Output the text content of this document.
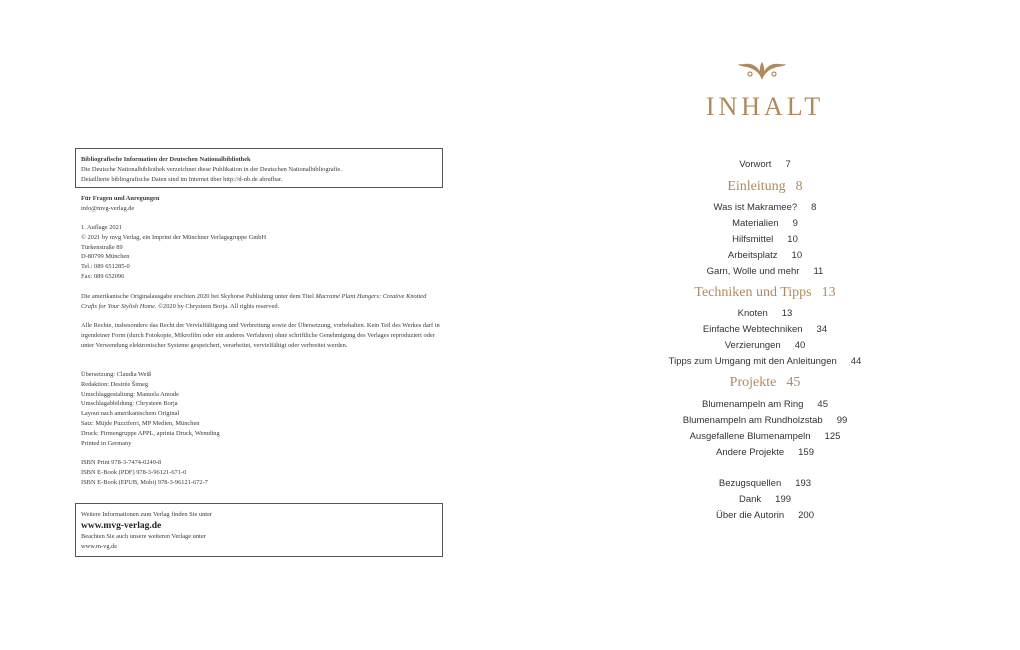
Bibliografische Information der Deutschen Nationalbibliothek
Die Deutsche Nationalbibliothek verzeichnet diese Publikation in der Deutschen Nationalbibliografie.
Detaillierte bibliografische Daten sind im Internet über http://d-nb.de abrufbar.
Für Fragen und Anregungen
info@mvg-verlag.de
1. Auflage 2021
© 2021 by mvg Verlag, ein Imprint der Münchner Verlagsgruppe GmbH
Türkenstraße 89
D-80799 München
Tel.: 089 651285-0
Fax: 089 652096
Die amerikanische Originalausgabe erschien 2020 bei Skyhorse Publishing unter dem Titel Macramé Plant Hangers: Creative Knotted Crafts for Your Stylish Home. ©2020 by Chrysteen Borja. All rights reserved.
Alle Rechte, insbesondere das Recht der Vervielfältigung und Verbreitung sowie der Übersetzung, vorbehalten. Kein Teil des Werkes darf in irgendeiner Form (durch Fotokopie, Mikrofilm oder ein anderes Verfahren) ohne schriftliche Genehmigung des Verlages reproduziert oder unter Verwendung elektronischer Systeme gespeichert, verarbeitet, vervielfältigt oder verbreitet werden.
Übersetzung: Claudia Weiß
Redaktion: Desirée Šimeg
Umschlaggestaltung: Manuela Amode
Umschlagabbildung: Chrysteen Borja
Layout nach amerikanischem Original
Satz: Müjde Puzziferri, MP Medien, München
Druck: Firmengruppe APPL, aprinta Druck, Wemding
Printed in Germany
ISBN Print 978-3-7474-0249-8
ISBN E-Book (PDF) 978-3-96121-671-0
ISBN E-Book (EPUB, Mobi) 978-3-96121-672-7
Weitere Informationen zum Verlag finden Sie unter
www.mvg-verlag.de
Beachten Sie auch unsere weiteren Verlage unter
www.m-vg.de
INHALT
Vorwort 7
Einleitung 8
Was ist Makramee? 8
Materialien 9
Hilfsmittel 10
Arbeitsplatz 10
Garn, Wolle und mehr 11
Techniken und Tipps 13
Knoten 13
Einfache Webtechniken 34
Verzierungen 40
Tipps zum Umgang mit den Anleitungen 44
Projekte 45
Blumenampeln am Ring 45
Blumenampeln am Rundholzstab 99
Ausgefallene Blumenampeln 125
Andere Projekte 159
Bezugsquellen 193
Dank 199
Über die Autorin 200
